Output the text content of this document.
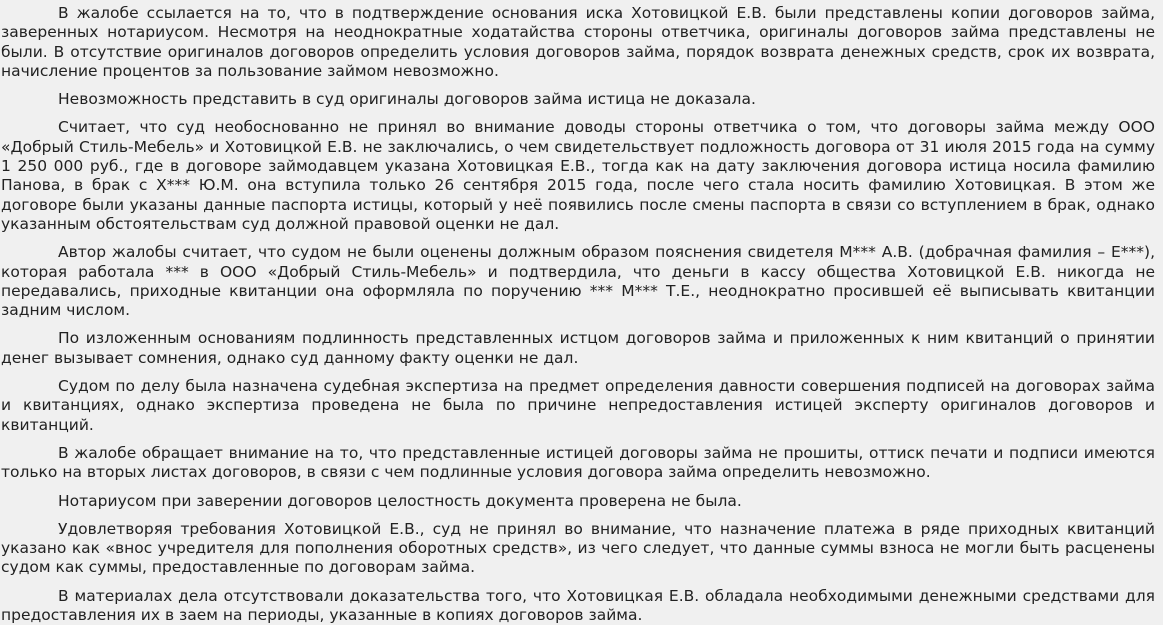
В жалобе ссылается на то, что в подтверждение основания иска Хотовицкой Е.В. были представлены копии договоров займа, заверенных нотариусом. Несмотря на неоднократные ходатайства стороны ответчика, оригиналы договоров займа представлены не были. В отсутствие оригиналов договоров определить условия договоров займа, порядок возврата денежных средств, срок их возврата, начисление процентов за пользование займом невозможно.

Невозможность представить в суд оригиналы договоров займа истица не доказала.

Считает, что суд необоснованно не принял во внимание доводы стороны ответчика о том, что договоры займа между ООО «Добрый Стиль-Мебель» и Хотовицкой Е.В. не заключались, о чем свидетельствует подложность договора от 31 июля 2015 года на сумму 1 250 000 руб., где в договоре займодавцем указана Хотовицкая Е.В., тогда как на дату заключения договора истица носила фамилию Панова, в брак с Х*** Ю.М. она вступила только 26 сентября 2015 года, после чего стала носить фамилию Хотовицкая. В этом же договоре были указаны данные паспорта истицы, который у неё появились после смены паспорта в связи со вступлением в брак, однако указанным обстоятельствам суд должной правовой оценки не дал.

Автор жалобы считает, что судом не были оценены должным образом пояснения свидетеля М*** А.В. (добрачная фамилия – Е***), которая работала *** в ООО «Добрый Стиль-Мебель» и подтвердила, что деньги в кассу общества Хотовицкой Е.В. никогда не передавались, приходные квитанции она оформляла по поручению *** М*** Т.Е., неоднократно просившей её выписывать квитанции задним числом.

По изложенным основаниям подлинность представленных истцом договоров займа и приложенных к ним квитанций о принятии денег вызывает сомнения, однако суд данному факту оценки не дал.

Судом по делу была назначена судебная экспертиза на предмет определения давности совершения подписей на договорах займа и квитанциях, однако экспертиза проведена не была по причине непредоставления истицей эксперту оригиналов договоров и квитанций.

В жалобе обращает внимание на то, что представленные истицей договоры займа не прошиты, оттиск печати и подписи имеются только на вторых листах договоров, в связи с чем подлинные условия договора займа определить невозможно.

Нотариусом при заверении договоров целостность документа проверена не была.

Удовлетворяя требования Хотовицкой Е.В., суд не принял во внимание, что назначение платежа в ряде приходных квитанций указано как «внос учредителя для пополнения оборотных средств», из чего следует, что данные суммы взноса не могли быть расценены судом как суммы, предоставленные по договорам займа.

В материалах дела отсутствовали доказательства того, что Хотовицкая Е.В. обладала необходимыми денежными средствами для предоставления их в заем на периоды, указанные в копиях договоров займа.
